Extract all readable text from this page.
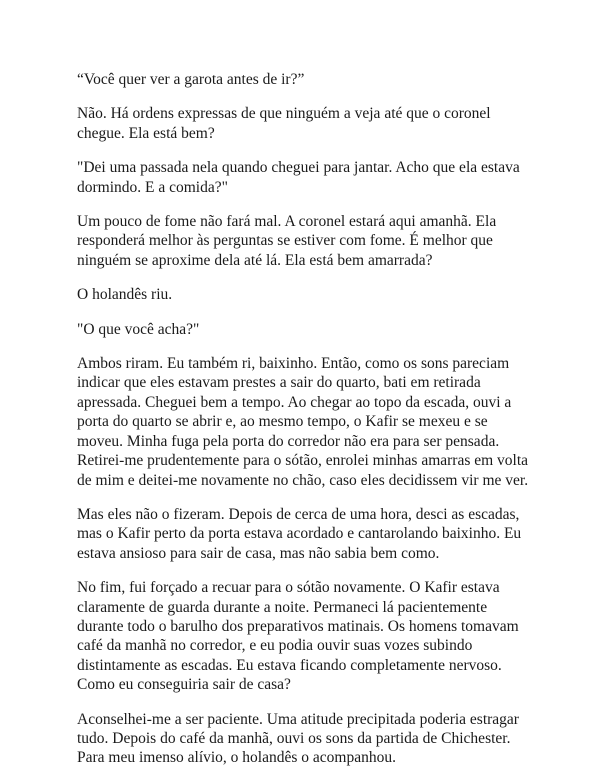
“Você quer ver a garota antes de ir?”

Não. Há ordens expressas de que ninguém a veja até que o coronel chegue. Ela está bem?

"Dei uma passada nela quando cheguei para jantar. Acho que ela estava dormindo. E a comida?"

Um pouco de fome não fará mal. A coronel estará aqui amanhã. Ela responderá melhor às perguntas se estiver com fome. É melhor que ninguém se aproxime dela até lá. Ela está bem amarrada?

O holandês riu.

"O que você acha?"

Ambos riram. Eu também ri, baixinho. Então, como os sons pareciam indicar que eles estavam prestes a sair do quarto, bati em retirada apressada. Cheguei bem a tempo. Ao chegar ao topo da escada, ouvi a porta do quarto se abrir e, ao mesmo tempo, o Kafir se mexeu e se moveu. Minha fuga pela porta do corredor não era para ser pensada. Retirei-me prudentemente para o sótão, enrolei minhas amarras em volta de mim e deitei-me novamente no chão, caso eles decidissem vir me ver.

Mas eles não o fizeram. Depois de cerca de uma hora, desci as escadas, mas o Kafir perto da porta estava acordado e cantarolando baixinho. Eu estava ansioso para sair de casa, mas não sabia bem como.

No fim, fui forçado a recuar para o sótão novamente. O Kafir estava claramente de guarda durante a noite. Permaneci lá pacientemente durante todo o barulho dos preparativos matinais. Os homens tomavam café da manhã no corredor, e eu podia ouvir suas vozes subindo distintamente as escadas. Eu estava ficando completamente nervoso. Como eu conseguiria sair de casa?

Aconselhei-me a ser paciente. Uma atitude precipitada poderia estragar tudo. Depois do café da manhã, ouvi os sons da partida de Chichester. Para meu imenso alívio, o holandês o acompanhou.
